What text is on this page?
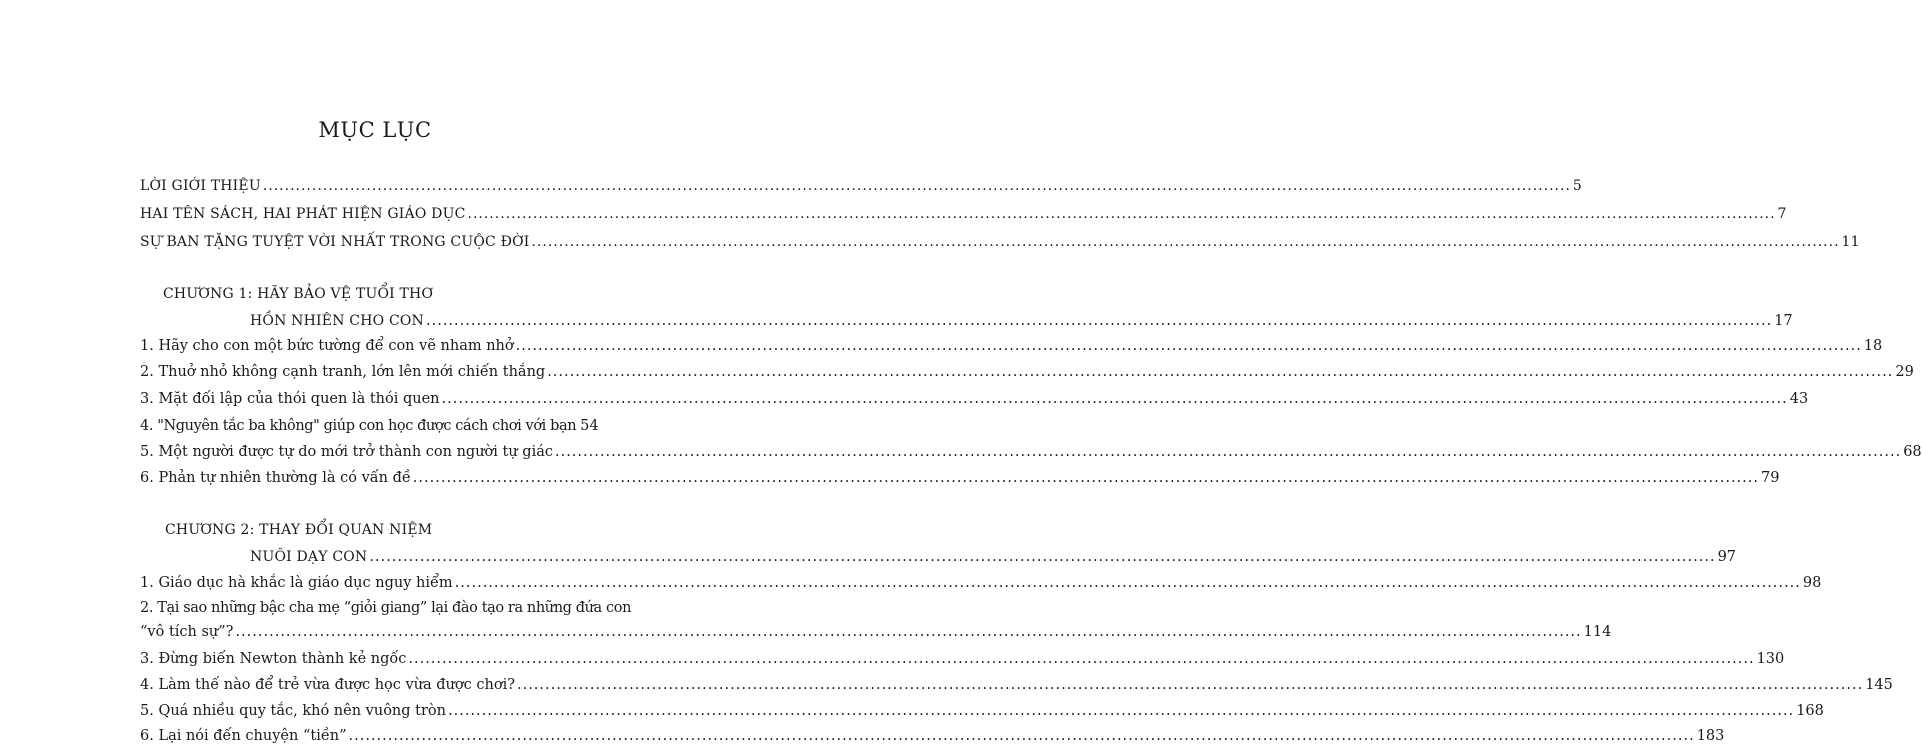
MỤC LỤC
LỜI GIỚI THIỆU .....	5
HAI TÊN SÁCH, HAI PHÁT HIỆN GIÁO DỤC .....	7
SỰ BAN TẶNG TUYỆT VỜI NHẤT TRONG CUỘC ĐỜI .....	11
CHƯƠNG 1: HÃY BẢO VỆ TUỔI THƠ
HỒN NHIÊN CHO CON .....	17
1. Hãy cho con một bức tường để con vẽ nham nhở .....	18
2. Thuở nhỏ không cạnh tranh, lớn lên mới chiến thắng .....	29
3. Mặt đối lập của thói quen là thói quen .....	43
4. "Nguyên tắc ba không" giúp con học được cách chơi với bạn 54
5. Một người được tự do mới trở thành con người tự giác .....	68
6. Phản tự nhiên thường là có vấn đề .....	79
CHƯƠNG 2: THAY ĐỔI QUAN NIỆM
NUÔI DẠY CON .....	97
1. Giáo dục hà khắc là giáo dục nguy hiểm .....	98
2. Tại sao những bậc cha mẹ “giỏi giang” lại đào tạo ra những đứa con
“vô tích sự”? .....	114
3. Đừng biến Newton thành kẻ ngốc .....	130
4. Làm thế nào để trẻ vừa được học vừa được chơi? .....	145
5. Quá nhiều quy tắc, khó nên vuông tròn .....	168
6. Lại nói đến chuyện “tiền” .....	183
